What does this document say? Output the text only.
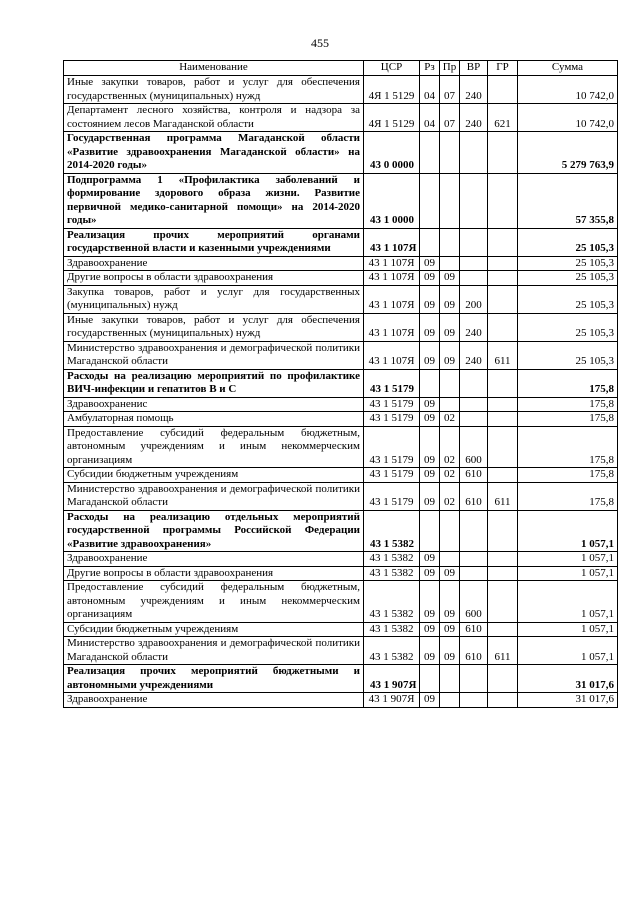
455
Наименование	ЦСР	Рз	Пр	ВР	ГР	Сумма
Иные закупки товаров, работ и услуг для обеспечения государственных (муниципальных) нужд	4Я 1 5129	04	07	240		10 742,0
Департамент лесного хозяйства, контроля и надзора за состоянием лесов Магаданской области	4Я 1 5129	04	07	240	621	10 742,0
Государственная программа Магаданской области «Развитие здравоохранения Магаданской области» на 2014-2020 годы»	43 0 0000					5 279 763,9
Подпрограмма 1 «Профилактика заболеваний и формирование здорового образа жизни. Развитие первичной медико-санитарной помощи» на 2014-2020 годы»	43 1 0000					57 355,8
Реализация прочих мероприятий органами государственной власти и казенными учреждениями	43 1 107Я					25 105,3
Здравоохранение	43 1 107Я	09				25 105,3
Другие вопросы в области здравоохранения	43 1 107Я	09	09			25 105,3
Закупка товаров, работ и услуг для государственных (муниципальных) нужд	43 1 107Я	09	09	200		25 105,3
Иные закупки товаров, работ и услуг для обеспечения государственных (муниципальных) нужд	43 1 107Я	09	09	240		25 105,3
Министерство здравоохранения и демографической политики Магаданской области	43 1 107Я	09	09	240	611	25 105,3
Расходы на реализацию мероприятий по профилактике ВИЧ-инфекции и гепатитов В и С	43 1 5179					175,8
Здравоохраненис	43 1 5179	09				175,8
Амбулаторная помощь	43 1 5179	09	02			175,8
Предоставление субсидий федеральным бюджетным, автономным учреждениям и иным некоммерческим организациям	43 1 5179	09	02	600		175,8
Субсидии бюджетным учреждениям	43 1 5179	09	02	610		175,8
Министерство здравоохранения и демографической политики Магаданской области	43 1 5179	09	02	610	611	175,8
Расходы на реализацию отдельных мероприятий государственной программы Российской Федерации «Развитие здравоохранения»	43 1 5382					1 057,1
Здравоохранение	43 1 5382	09				1 057,1
Другие вопросы в области здравоохранения	43 1 5382	09	09			1 057,1
Предоставление субсидий федеральным бюджетным, автономным учреждениям и иным некоммерческим организациям	43 1 5382	09	09	600		1 057,1
Субсидии бюджетным учреждениям	43 1 5382	09	09	610		1 057,1
Министерство здравоохранения и демографической политики Магаданской области	43 1 5382	09	09	610	611	1 057,1
Реализация прочих мероприятий бюджетными и автономными учреждениями	43 1 907Я					31 017,6
Здравоохранение	43 1 907Я	09				31 017,6
